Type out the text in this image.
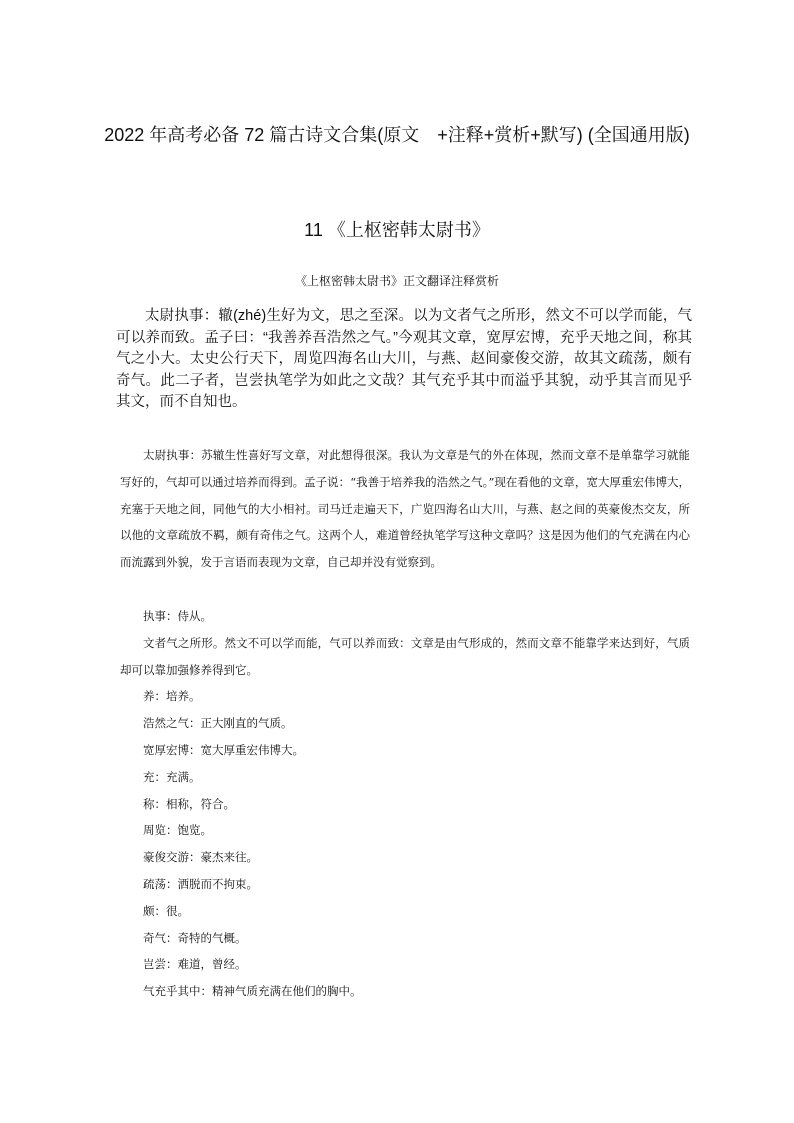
2022 年高考必备 72 篇古诗文合集(原文　+注释+赏析+默写) (全国通用版)
11 《上枢密韩太尉书》
《上枢密韩太尉书》正文翻译注释赏析

太尉执事：辙(zhé)生好为文，思之至深。以为文者气之所形，然文不可以学而能，气可以养而致。孟子曰：“我善养吾浩然之气。”今观其文章，宽厚宏博，充乎天地之间，称其气之小大。太史公行天下，周览四海名山大川，与燕、赵间豪俊交游，故其文疏荡，颇有奇气。此二子者，岂尝执笔学为如此之文哉？其气充乎其中而溢乎其貌，动乎其言而见乎其文，而不自知也。

太尉执事：苏辙生性喜好写文章，对此想得很深。我认为文章是气的外在体现，然而文章不是单靠学习就能写好的，气却可以通过培养而得到。孟子说：“我善于培养我的浩然之气。”现在看他的文章，宽大厚重宏伟博大，充塞于天地之间，同他气的大小相衬。司马迁走遍天下，广览四海名山大川，与燕、赵之间的英豪俊杰交友，所以他的文章疏放不羁，颇有奇伟之气。这两个人，难道曾经执笔学写这种文章吗？这是因为他们的气充满在内心而流露到外貌，发于言语而表现为文章，自己却并没有觉察到。

执事：侍从。
文者气之所形。然文不可以学而能，气可以养而致：文章是由气形成的，然而文章不能靠学来达到好，气质却可以靠加强修养得到它。
养：培养。
浩然之气：正大刚直的气质。
宽厚宏博：宽大厚重宏伟博大。
充：充满。
称：相称，符合。
周览：饱览。
豪俊交游：豪杰来往。
疏荡：洒脱而不拘束。
颇：很。
奇气：奇特的气概。
岂尝：难道，曾经。
气充乎其中：精神气质充满在他们的胸中。
